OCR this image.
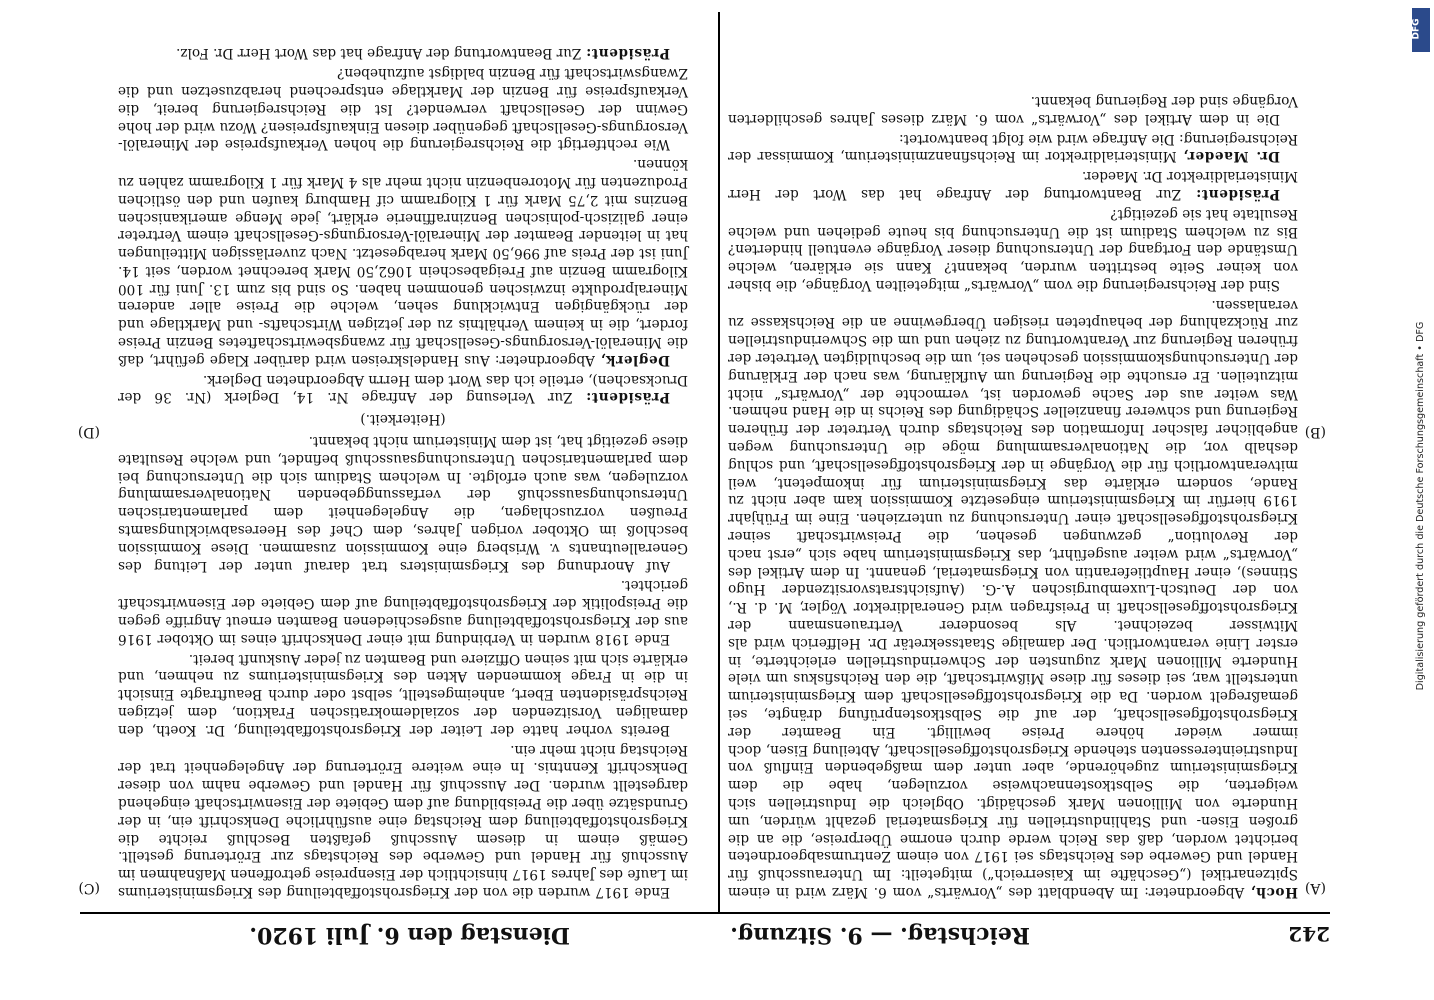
242
Reichstag. — 9. Sitzung.
Dienstag den 6. Juli 1920.
(A)
(B)
(C)
(D)

Hoch, Abgeordneter: Im Abendblatt des „Vorwärts“ vom 6. März wird in einem Spitzenartikel („Geschäfte im Kaiserreich“) mitgeteilt: Im Unterausschuß für Handel und Gewerbe des Reichstags sei 1917 von einem Zentrumsabgeordneten berichtet worden, daß das Reich werde durch enorme Überpreise, die an die großen Eisen- und Stahlindustriellen für Kriegsmaterial gezahlt würden, um Hunderte von Millionen Mark geschädigt. Obgleich die Industriellen sich weigerten, die Selbstkostennachweise vorzulegen, habe die dem Kriegsministerium zugehörende, aber unter dem maßgebenden Einfluß von Industrieinteressenten stehende Kriegsrohstoffgesellschaft, Abteilung Eisen, doch immer wieder höhere Preise bewilligt. Ein Beamter der Kriegsrohstoffgesellschaft, der auf die Selbstkostenprüfung drängte, sei gemaßregelt worden. Da die Kriegsrohstoffgesellschaft dem Kriegsministerium unterstellt war, sei dieses für diese Mißwirtschaft, die den Reichsfiskus um viele Hunderte Millionen Mark zugunsten der Schwerindustriellen erleichterte, in erster Linie verantwortlich. Der damalige Staatssekretär Dr. Helfferich wird als Mitwisser bezeichnet. Als besonderer Vertrauensmann der Kriegsrohstoffgesellschaft in Preisfragen wird Generaldirektor Vögler, M. d. R., von der Deutsch-Luxemburgischen A.-G. (Aufsichtsratsvorsitzender Hugo Stinnes), einer Hauptlieferantin von Kriegsmaterial, genannt. In dem Artikel des „Vorwärts“ wird weiter ausgeführt, das Kriegsministerium habe sich „erst nach der Revolution“ gezwungen gesehen, die Preiswirtschaft seiner Kriegsrohstoffgesellschaft einer Untersuchung zu unterziehen. Eine im Frühjahr 1919 hierfür im Kriegsministerium eingesetzte Kommission kam aber nicht zu Rande, sondern erklärte das Kriegsministerium für inkompetent, weil mitverantwortlich für die Vorgänge in der Kriegsrohstoffgesellschaft, und schlug deshalb vor, die Nationalversammlung möge die Untersuchung wegen angeblicher falscher Information des Reichstags durch Vertreter der früheren Regierung und schwerer finanzieller Schädigung des Reichs in die Hand nehmen. Was weiter aus der Sache geworden ist, vermochte der „Vorwärts“ nicht mitzuteilen. Er ersuchte die Regierung um Aufklärung, was nach der Erklärung der Untersuchungskommission geschehen sei, um die beschuldigten Vertreter der früheren Regierung zur Verantwortung zu ziehen und um die Schwerindustriellen zur Rückzahlung der behaupteten riesigen Übergewinne an die Reichskasse zu veranlassen.

Sind der Reichsregierung die vom „Vorwärts“ mitgeteilten Vorgänge, die bisher von keiner Seite bestritten wurden, bekannt? Kann sie erklären, welche Umstände den Fortgang der Untersuchung dieser Vorgänge eventuell hinderten? Bis zu welchem Stadium ist die Untersuchung bis heute gediehen und welche Resultate hat sie gezeitigt?

Präsident: Zur Beantwortung der Anfrage hat das Wort der Herr Ministerialdirektor Dr. Maeder.

Dr. Maeder, Ministerialdirektor im Reichsfinanzministerium, Kommissar der Reichsregierung: Die Anfrage wird wie folgt beantwortet:

Die in dem Artikel des „Vorwärts“ vom 6. März dieses Jahres geschilderten Vorgänge sind der Regierung bekannt.

Ende 1917 wurden die von der Kriegsrohstoffabteilung des Kriegsministeriums im Laufe des Jahres 1917 hinsichtlich der Eisenpreise getroffenen Maßnahmen im Ausschuß für Handel und Gewerbe des Reichstags zur Erörterung gestellt. Gemäß einem in diesem Ausschuß gefaßten Beschluß reichte die Kriegsrohstoffabteilung dem Reichstag eine ausführliche Denkschrift ein, in der Grundsätze über die Preisbildung auf dem Gebiete der Eisenwirtschaft eingehend dargestellt wurden. Der Ausschuß für Handel und Gewerbe nahm von dieser Denkschrift Kenntnis. In eine weitere Erörterung der Angelegenheit trat der Reichstag nicht mehr ein.

Bereits vorher hatte der Leiter der Kriegsrohstoffabteilung, Dr. Koeth, den damaligen Vorsitzenden der sozialdemokratischen Fraktion, dem jetzigen Reichspräsidenten Ebert, anheimgestellt, selbst oder durch Beauftragte Einsicht in die in Frage kommenden Akten des Kriegsministeriums zu nehmen, und erklärte sich mit seinen Offiziere und Beamten zu jeder Auskunft bereit.

Ende 1918 wurden in Verbindung mit einer Denkschrift eines im Oktober 1916 aus der Kriegsrohstoffabteilung ausgeschiedenen Beamten erneut Angriffe gegen die Preispolitik der Kriegsrohstoffabteilung auf dem Gebiete der Eisenwirtschaft gerichtet.

Auf Anordnung des Kriegsministers trat darauf unter der Leitung des Generalleutnants v. Wrisberg eine Kommission zusammen. Diese Kommission beschloß im Oktober vorigen Jahres, dem Chef des Heeresabwicklungsamts Preußen vorzuschlagen, die Angelegenheit dem parlamentarischen Untersuchungsausschuß der verfassunggebenden Nationalversammlung vorzulegen, was auch erfolgte. In welchem Stadium sich die Untersuchung bei dem parlamentarischen Untersuchungsausschuß befindet, und welche Resultate diese gezeitigt hat, ist dem Ministerium nicht bekannt.

(Heiterkeit.)

Präsident: Zur Verlesung der Anfrage Nr. 14, Deglerk (Nr. 36 der Drucksachen), erteile ich das Wort dem Herrn Abgeordneten Deglerk.

Deglerk, Abgeordneter: Aus Handelskreisen wird darüber Klage geführt, daß die Mineralöl-Versorgungs-Gesellschaft für zwangsbewirtschaftetes Benzin Preise fordert, die in keinem Verhältnis zu der jetzigen Wirtschafts- und Marktlage und der rückgängigen Entwicklung sehen, welche die Preise aller anderen Mineralprodukte inzwischen genommen haben. So sind bis zum 13. Juni für 100 Kilogramm Benzin auf Freigabeschein 1062,50 Mark berechnet worden, seit 14. Juni ist der Preis auf 996,50 Mark herabgesetzt. Nach zuverlässigen Mitteilungen hat in leitender Beamter der Mineralöl-Versorgungs-Gesellschaft einem Vertreter einer galizisch-polnischen Benzinraffinerie erklärt, jede Menge amerikanischen Benzins mit 2,75 Mark für 1 Kilogramm cif Hamburg kaufen und den östlichen Produzenten für Motorenbenzin nicht mehr als 4 Mark für 1 Kilogramm zahlen zu können.

Wie rechtfertigt die Reichsregierung die hohen Verkaufspreise der Mineralöl-Versorgungs-Gesellschaft gegenüber diesen Einkaufspreisen? Wozu wird der hohe Gewinn der Gesellschaft verwendet? Ist die Reichsregierung bereit, die Verkaufspreise für Benzin der Marktlage entsprechend herabzusetzen und die Zwangswirtschaft für Benzin baldigst aufzuheben?

Präsident: Zur Beantwortung der Anfrage hat das Wort Herr Dr. Folz.

DFG
Digitalisierung gefördert durch die Deutsche Forschungsgemeinschaft • DFG
